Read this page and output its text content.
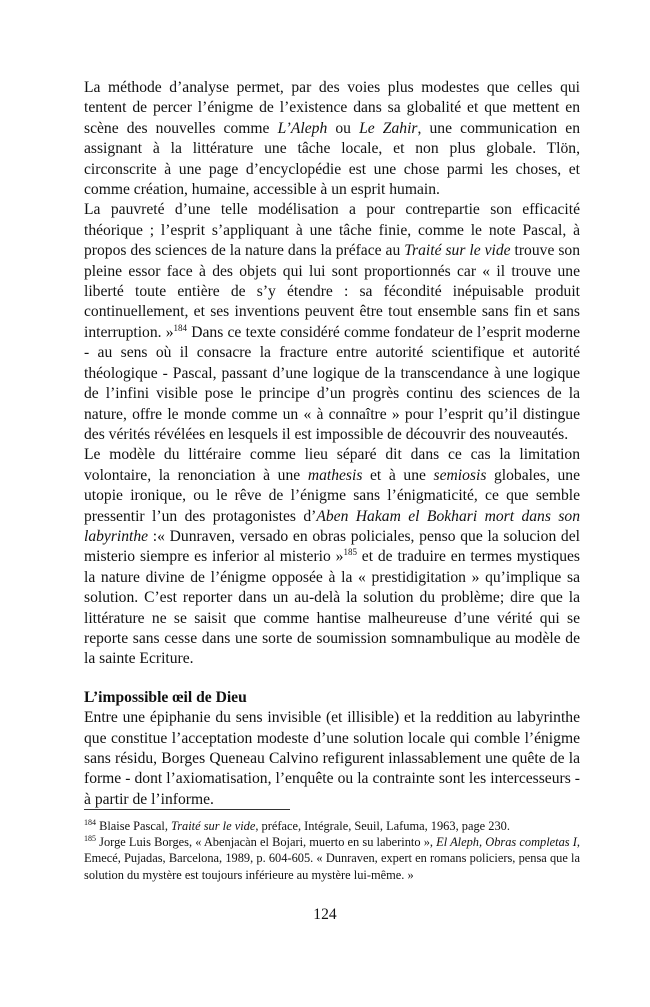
La méthode d’analyse permet, par des voies plus modestes que celles qui tentent de percer l’énigme de l’existence dans sa globalité et que mettent en scène des nouvelles comme L’Aleph ou Le Zahir, une communication en assignant à la littérature une tâche locale, et non plus globale. Tlön, circonscrite à une page d’encyclopédie est une chose parmi les choses, et comme création, humaine, accessible à un esprit humain.

La pauvreté d’une telle modélisation a pour contrepartie son efficacité théorique ; l’esprit s’appliquant à une tâche finie, comme le note Pascal, à propos des sciences de la nature dans la préface au Traité sur le vide trouve son pleine essor face à des objets qui lui sont proportionnés car « il trouve une liberté toute entière de s’y étendre : sa fécondité inépuisable produit continuellement, et ses inventions peuvent être tout ensemble sans fin et sans interruption. »$^{184}$ Dans ce texte considéré comme fondateur de l’esprit moderne - au sens où il consacre la fracture entre autorité scientifique et autorité théologique - Pascal, passant d’une logique de la transcendance à une logique de l’infini visible pose le principe d’un progrès continu des sciences de la nature, offre le monde comme un « à connaître » pour l’esprit qu’il distingue des vérités révélées en lesquels il est impossible de découvrir des nouveautés.

Le modèle du littéraire comme lieu séparé dit dans ce cas la limitation volontaire, la renonciation à une mathesis et à une semiosis globales, une utopie ironique, ou le rêve de l’énigme sans l’énigmaticité, ce que semble pressentir l’un des protagonistes d’Aben Hakam el Bokhari mort dans son labyrinthe :« Dunraven, versado en obras policiales, penso que la solucion del misterio siempre es inferior al misterio »$^{185}$ et de traduire en termes mystiques la nature divine de l’énigme opposée à la « prestidigitation » qu’implique sa solution. C’est reporter dans un au-delà la solution du problème; dire que la littérature ne se saisit que comme hantise malheureuse d’une vérité qui se reporte sans cesse dans une sorte de soumission somnambulique au modèle de la sainte Ecriture.

L’impossible œil de Dieu

Entre une épiphanie du sens invisible (et illisible) et la reddition au labyrinthe que constitue l’acceptation modeste d’une solution locale qui comble l’énigme sans résidu, Borges Queneau Calvino refigurent inlassablement une quête de la forme - dont l’axiomatisation, l’enquête ou la contrainte sont les intercesseurs - à partir de l’informe.

$^{184}$ Blaise Pascal, Traité sur le vide, préface, Intégrale, Seuil, Lafuma, 1963, page 230.

$^{185}$ Jorge Luis Borges, « Abenjacàn el Bojari, muerto en su laberinto », El Aleph, Obras completas I, Emecé, Pujadas, Barcelona, 1989, p. 604-605. « Dunraven, expert en romans policiers, pensa que la solution du mystère est toujours inférieure au mystère lui-même. »

124
